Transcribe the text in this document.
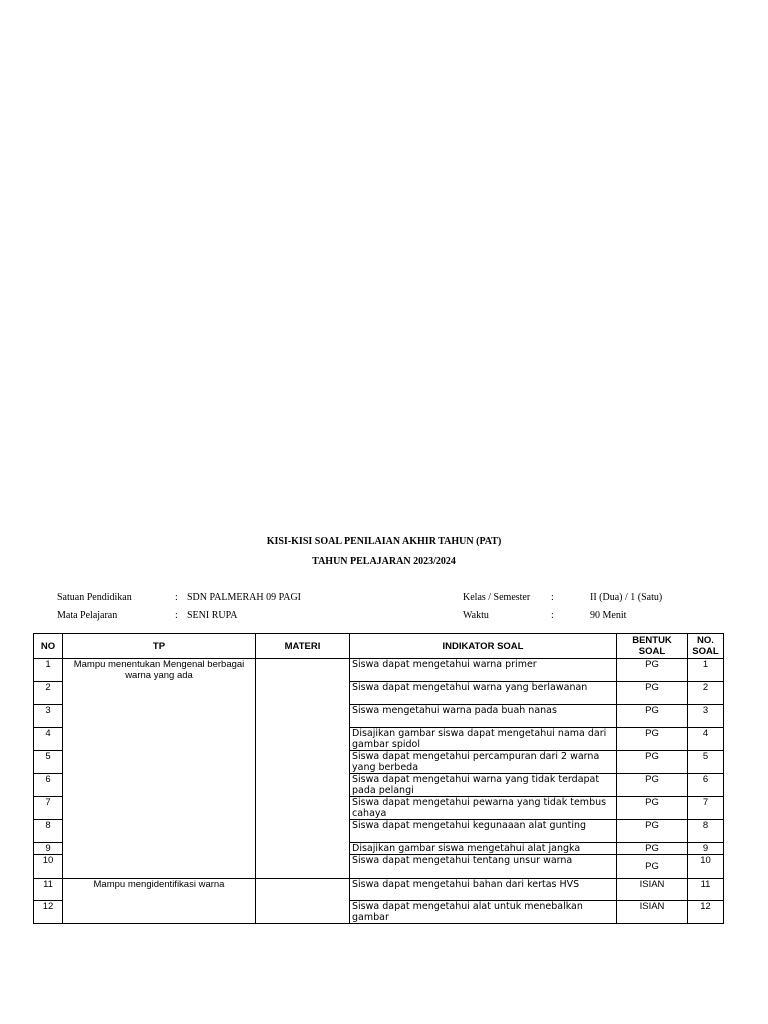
KISI-KISI SOAL PENILAIAN AKHIR TAHUN (PAT)
TAHUN PELAJARAN 2023/2024
Satuan Pendidikan	: SDN PALMERAH 09 PAGI
Mata Pelajaran	: SENI RUPA
Kelas / Semester :	II (Dua) / 1 (Satu)
Waktu	:	90 Menit
NO	TP	MATERI	INDIKATOR SOAL	BENTUK SOAL	NO. SOAL
1	Mampu menentukan Mengenal berbagai warna yang ada		Siswa dapat mengetahui warna primer	PG	1
2			Siswa dapat mengetahui warna yang berlawanan	PG	2
3			Siswa mengetahui warna pada buah nanas	PG	3
4			Disajikan gambar siswa dapat mengetahui nama dari gambar spidol	PG	4
5			Siswa dapat mengetahui percampuran dari 2 warna yang berbeda	PG	5
6			Siswa dapat mengetahui warna yang tidak terdapat pada pelangi	PG	6
7			Siswa dapat mengetahui pewarna yang tidak tembus cahaya	PG	7
8			Siswa dapat mengetahui kegunaaan alat gunting	PG	8
9			Disajikan gambar siswa mengetahui alat jangka	PG	9
10			Siswa dapat mengetahui tentang unsur warna	PG	10
11	Mampu mengidentifikasi warna		Siswa dapat mengetahui bahan dari kertas HVS	ISIAN	11
12			Siswa dapat mengetahui alat untuk menebalkan gambar	ISIAN	12
